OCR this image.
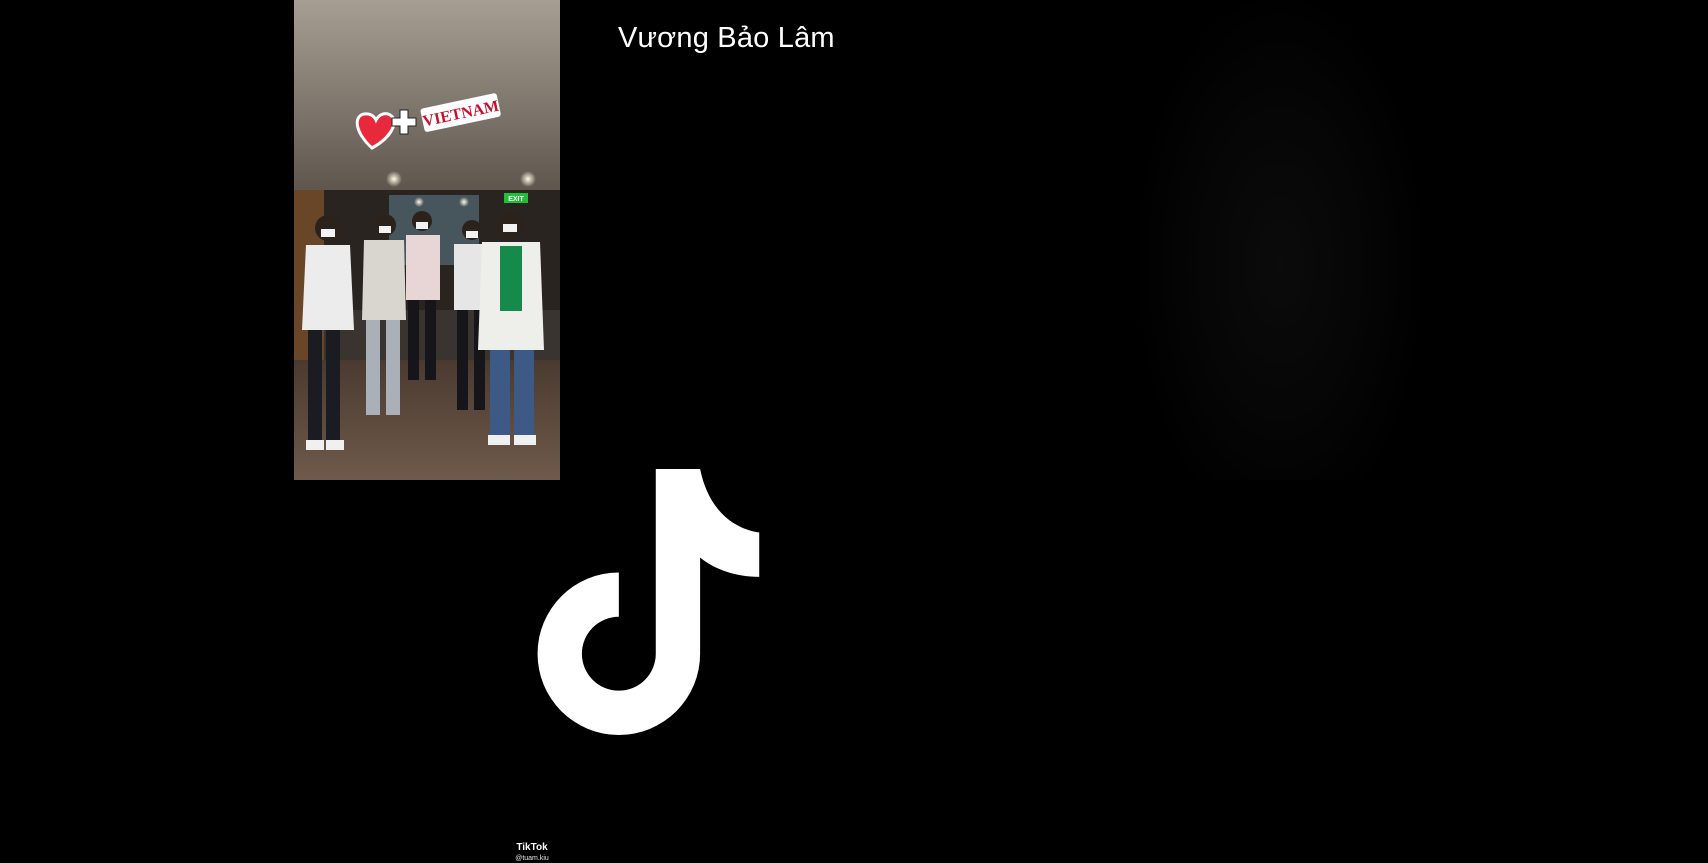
EXIT
VIETNAM
TikTok
@tuam.kiu
Vương Bảo Lâm
